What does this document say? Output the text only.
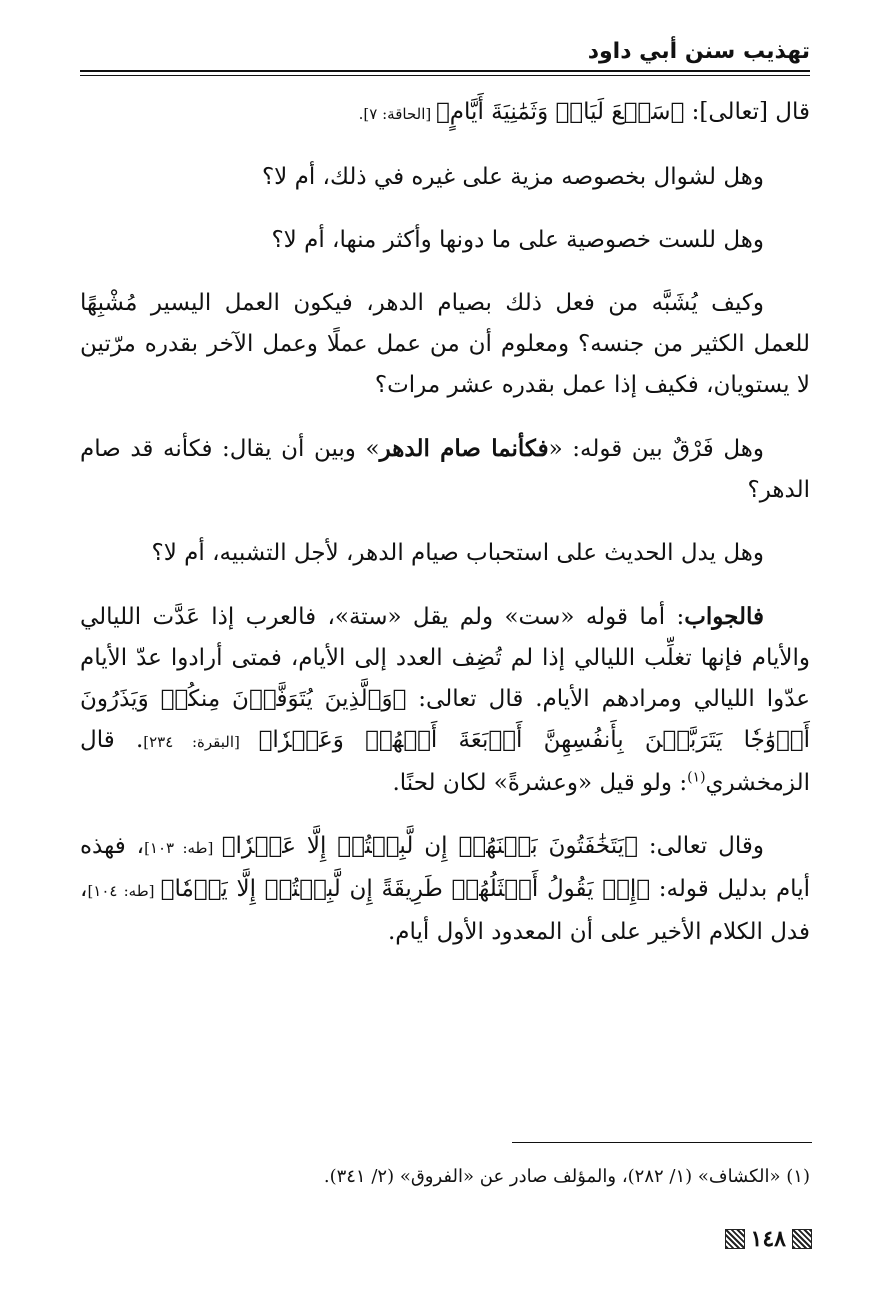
تهذيب سنن أبي داود

قال [تعالى]: ﴿سَبۡعَ لَيَالٖ وَثَمَٰنِيَةَ أَيَّامٍ﴾ [الحاقة: ٧].

وهل لشوال بخصوصه مزية على غيره في ذلك، أم لا؟

وهل للست خصوصية على ما دونها وأكثر منها، أم لا؟

وكيف يُشَبَّه من فعل ذلك بصيام الدهر، فيكون العمل اليسير مُشْبِهًا للعمل الكثير من جنسه؟ ومعلوم أن من عمل عملًا وعمل الآخر بقدره مرّتين لا يستويان، فكيف إذا عمل بقدره عشر مرات؟

وهل فَرْقٌ بين قوله: «فكأنما صام الدهر» وبين أن يقال: فكأنه قد صام الدهر؟

وهل يدل الحديث على استحباب صيام الدهر، لأجل التشبيه، أم لا؟

فالجواب: أما قوله «ست» ولم يقل «ستة»، فالعرب إذا عَدَّت الليالي والأيام فإنها تغلِّب الليالي إذا لم تُضِف العدد إلى الأيام، فمتى أرادوا عدّ الأيام عدّوا الليالي ومرادهم الأيام. قال تعالى: ﴿وَٱلَّذِينَ يُتَوَفَّوۡنَ مِنكُمۡ وَيَذَرُونَ أَزۡوَٰجٗا يَتَرَبَّصۡنَ بِأَنفُسِهِنَّ أَرۡبَعَةَ أَشۡهُرٖ وَعَشۡرٗا﴾ [البقرة: ٢٣٤]. قال الزمخشري$^{(١)}$: ولو قيل «وعشرةً» لكان لحنًا.

وقال تعالى: ﴿يَتَخَٰفَتُونَ بَيۡنَهُمۡ إِن لَّبِثۡتُمۡ إِلَّا عَشۡرٗا﴾ [طه: ١٠٣]، فهذه أيام بدليل قوله: ﴿إِذۡ يَقُولُ أَمۡثَلُهُمۡ طَرِيقَةً إِن لَّبِثۡتُمۡ إِلَّا يَوۡمٗا﴾ [طه: ١٠٤]، فدل الكلام الأخير على أن المعدود الأول أيام.

(١) «الكشاف» (١/ ٢٨٢)، والمؤلف صادر عن «الفروق» (٢/ ٣٤١).
١٤٨
